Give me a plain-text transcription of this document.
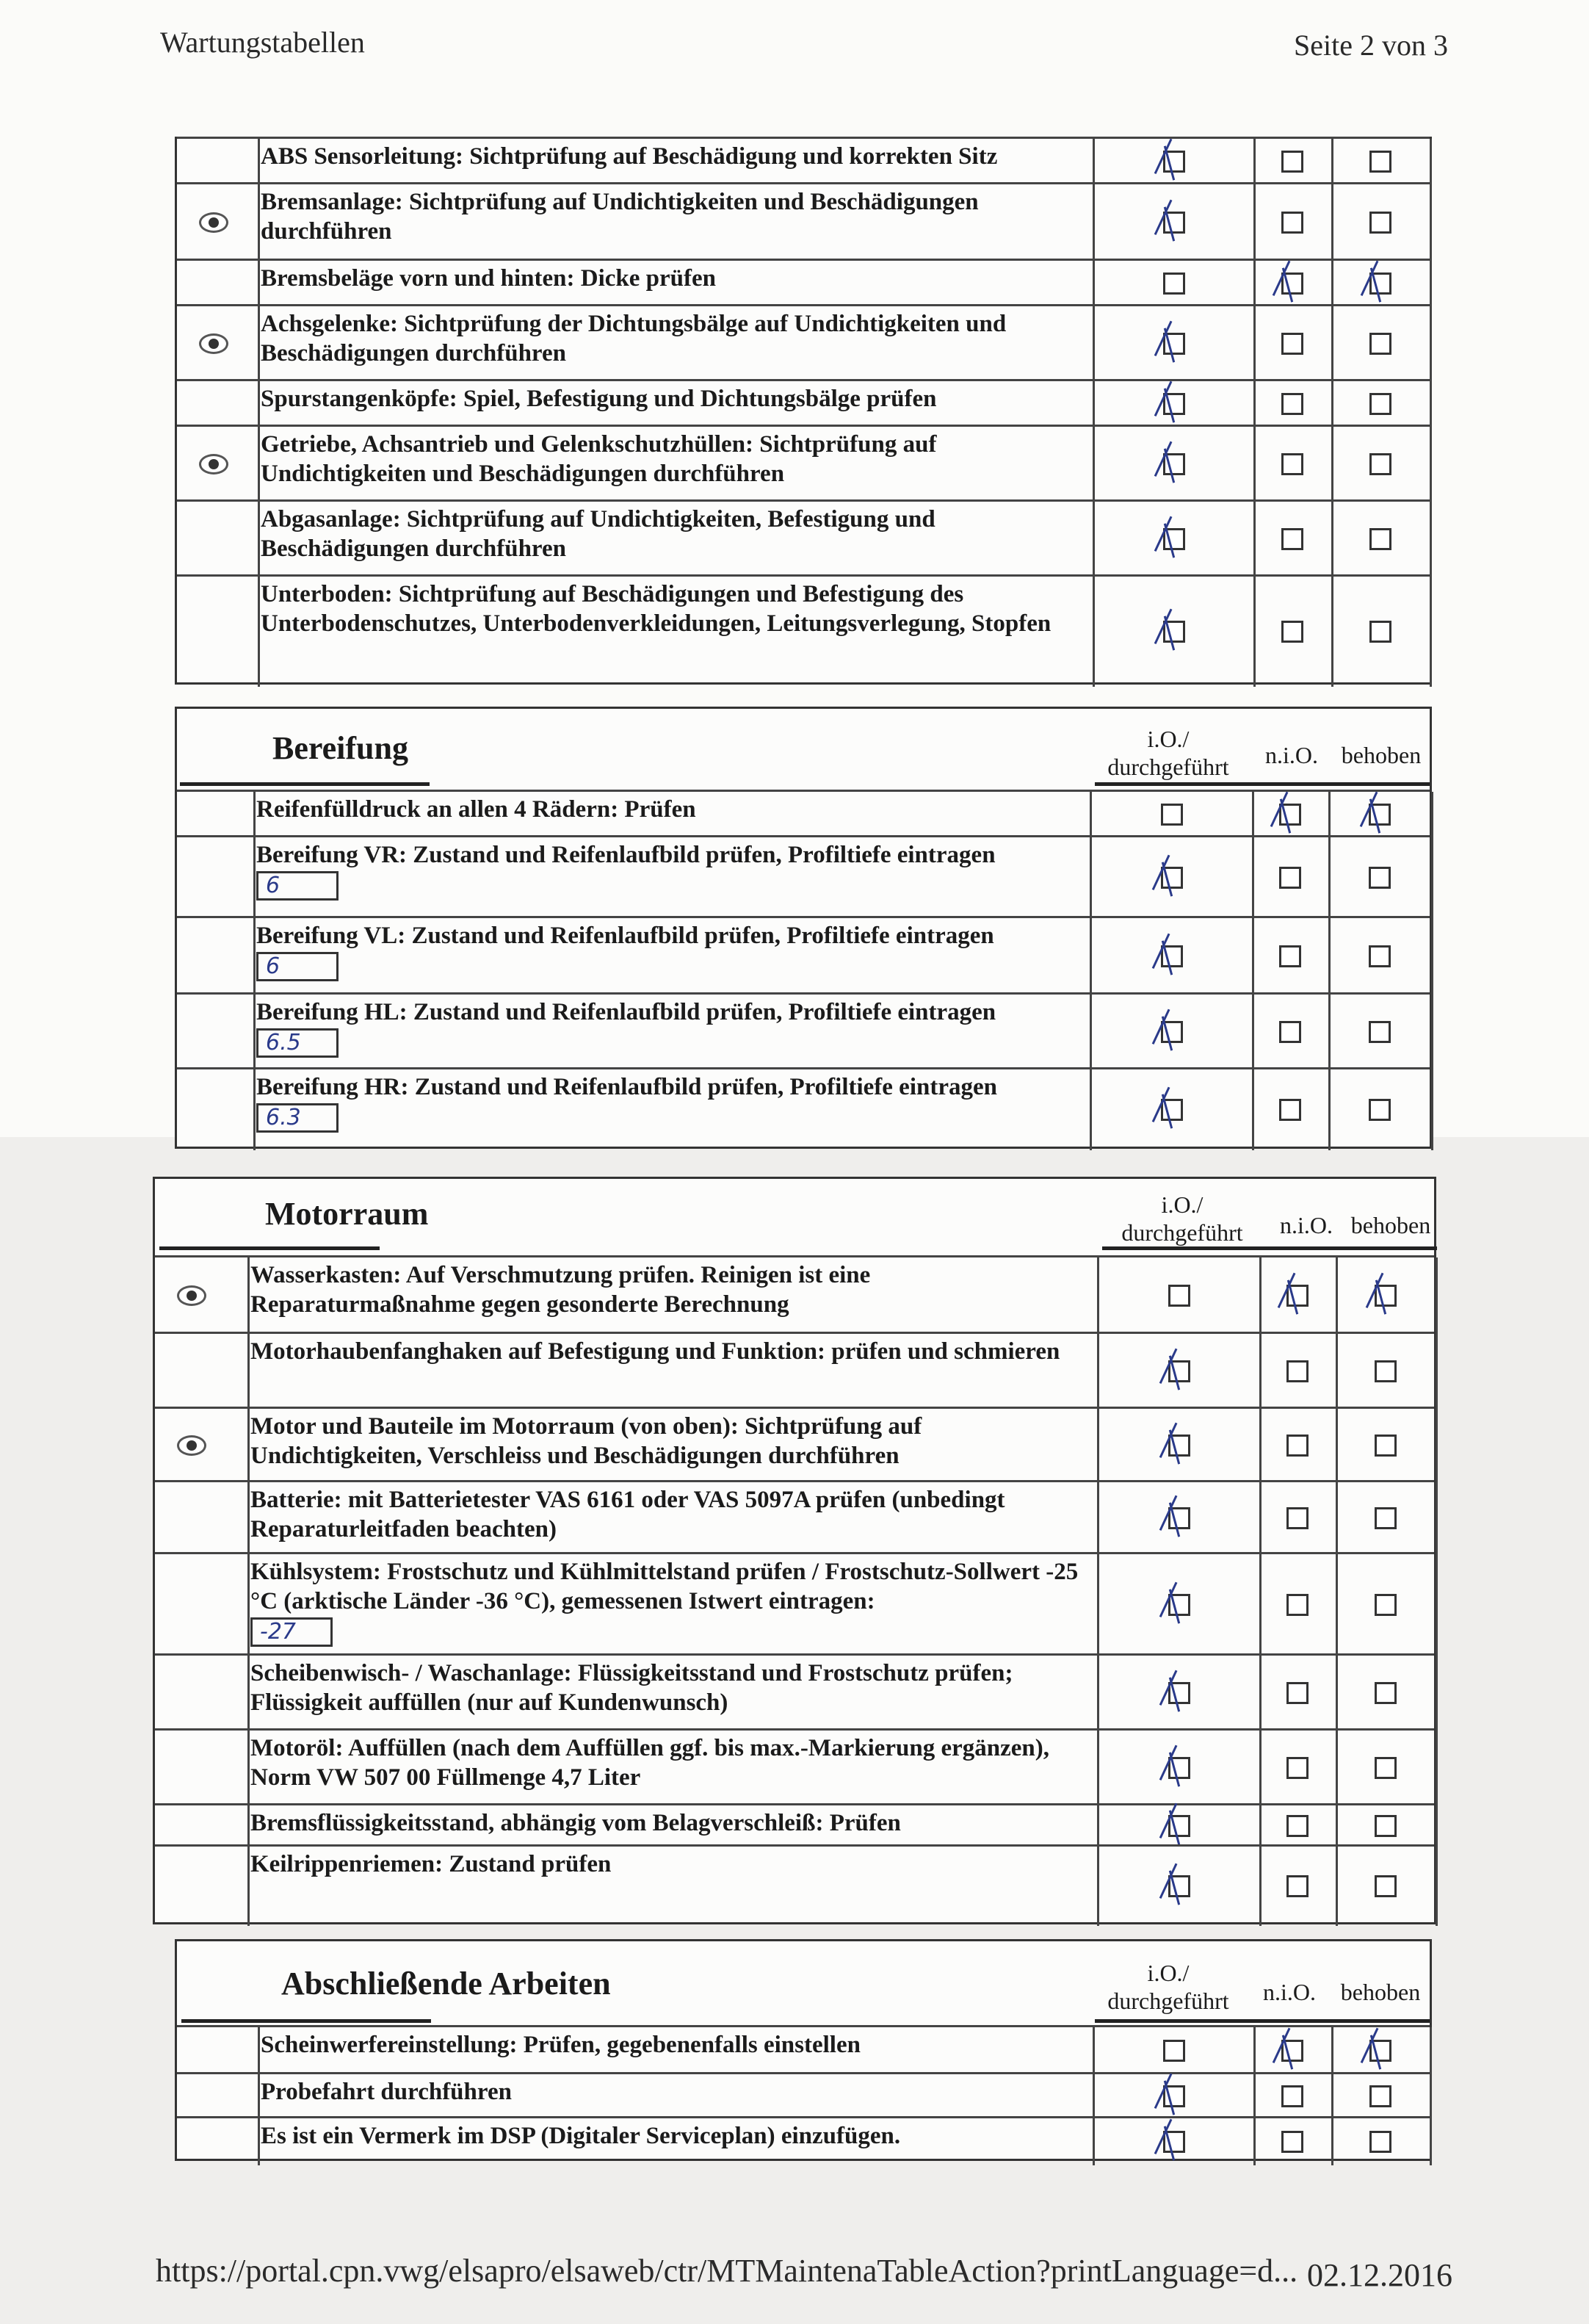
Wartungstabellen	Seite 2 von 3
ABS Sensorleitung: Sichtprüfung auf Beschädigung und korrekten Sitz
Bremsanlage: Sichtprüfung auf Undichtigkeiten und Beschädigungen durchführen
Bremsbeläge vorn und hinten: Dicke prüfen
Achsgelenke: Sichtprüfung der Dichtungsbälge auf Undichtigkeiten und Beschädigungen durchführen
Spurstangenköpfe: Spiel, Befestigung und Dichtungsbälge prüfen
Getriebe, Achsantrieb und Gelenkschutzhüllen: Sichtprüfung auf Undichtigkeiten und Beschädigungen durchführen
Abgasanlage: Sichtprüfung auf Undichtigkeiten, Befestigung und Beschädigungen durchführen
Unterboden: Sichtprüfung auf Beschädigungen und Befestigung des Unterbodenschutzes, Unterbodenverkleidungen, Leitungsverlegung, Stopfen
Bereifung	i.O./ durchgeführt	n.i.O. behoben
Reifenfülldruck an allen 4 Rädern: Prüfen
Bereifung VR: Zustand und Reifenlaufbild prüfen, Profiltiefe eintragen
6
Bereifung VL: Zustand und Reifenlaufbild prüfen, Profiltiefe eintragen
6
Bereifung HL: Zustand und Reifenlaufbild prüfen, Profiltiefe eintragen
6.5
Bereifung HR: Zustand und Reifenlaufbild prüfen, Profiltiefe eintragen
6.3
Motorraum	i.O./ durchgeführt	n.i.O. behoben
Wasserkasten: Auf Verschmutzung prüfen. Reinigen ist eine Reparaturmaßnahme gegen gesonderte Berechnung
Motorhaubenfanghaken auf Befestigung und Funktion: prüfen und schmieren
Motor und Bauteile im Motorraum (von oben): Sichtprüfung auf Undichtigkeiten, Verschleiss und Beschädigungen durchführen
Batterie: mit Batterietester VAS 6161 oder VAS 5097A prüfen (unbedingt Reparaturleitfaden beachten)
Kühlsystem: Frostschutz und Kühlmittelstand prüfen / Frostschutz-Sollwert -25 °C (arktische Länder -36 °C), gemessenen Istwert eintragen:
-27
Scheibenwisch- / Waschanlage: Flüssigkeitsstand und Frostschutz prüfen; Flüssigkeit auffüllen (nur auf Kundenwunsch)
Motoröl: Auffüllen (nach dem Auffüllen ggf. bis max.-Markierung ergänzen), Norm VW 507 00 Füllmenge 4,7 Liter
Bremsflüssigkeitsstand, abhängig vom Belagverschleiß: Prüfen
Keilrippenriemen: Zustand prüfen
Abschließende Arbeiten	i.O./ durchgeführt	n.i.O.	behoben
Scheinwerfereinstellung: Prüfen, gegebenenfalls einstellen
Probefahrt durchführen
Es ist ein Vermerk im DSP (Digitaler Serviceplan) einzufügen.
https://portal.cpn.vwg/elsapro/elsaweb/ctr/MTMaintenaTableAction?printLanguage=d... 02.12.2016
